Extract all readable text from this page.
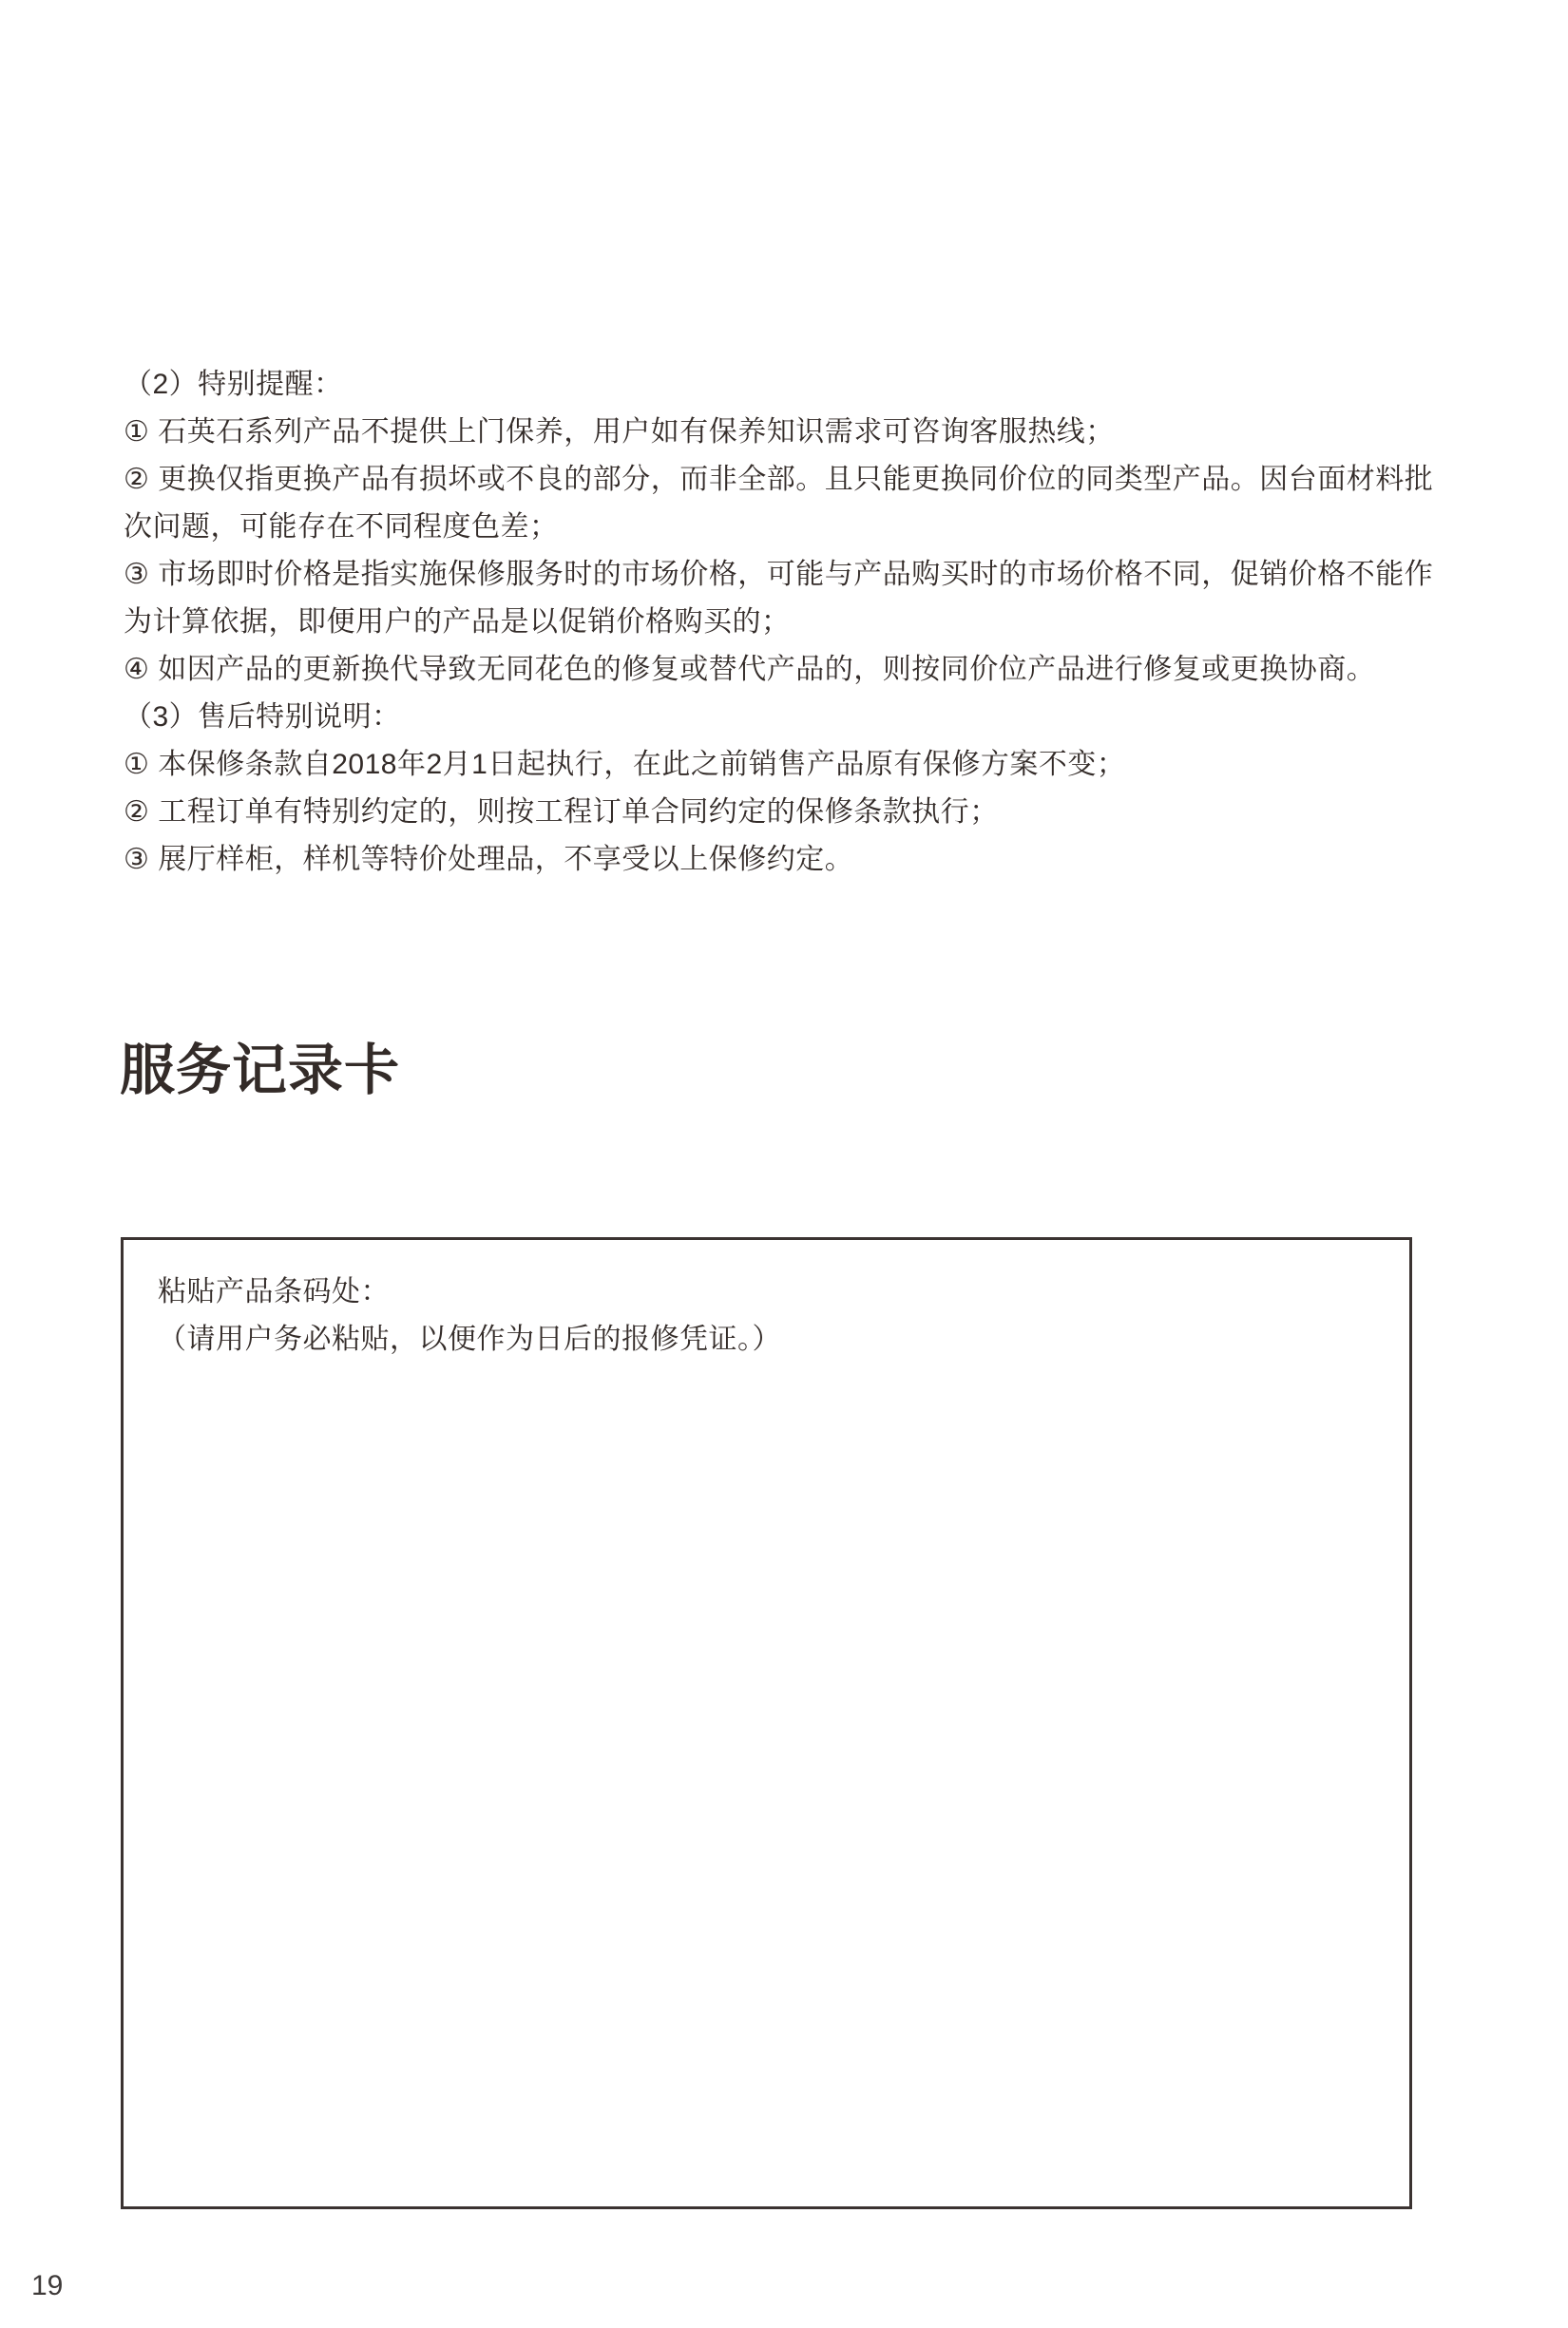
（2）特别提醒：
① 石英石系列产品不提供上门保养，用户如有保养知识需求可咨询客服热线；
② 更换仅指更换产品有损坏或不良的部分，而非全部。且只能更换同价位的同类型产品。因台面材料批
次问题，可能存在不同程度色差；
③ 市场即时价格是指实施保修服务时的市场价格，可能与产品购买时的市场价格不同，促销价格不能作
为计算依据，即便用户的产品是以促销价格购买的；
④ 如因产品的更新换代导致无同花色的修复或替代产品的，则按同价位产品进行修复或更换协商。
（3）售后特别说明：
① 本保修条款自2018年2月1日起执行，在此之前销售产品原有保修方案不变；
② 工程订单有特别约定的，则按工程订单合同约定的保修条款执行；
③ 展厅样柜，样机等特价处理品，不享受以上保修约定。
服务记录卡
粘贴产品条码处：
（请用户务必粘贴，以便作为日后的报修凭证。）
19
